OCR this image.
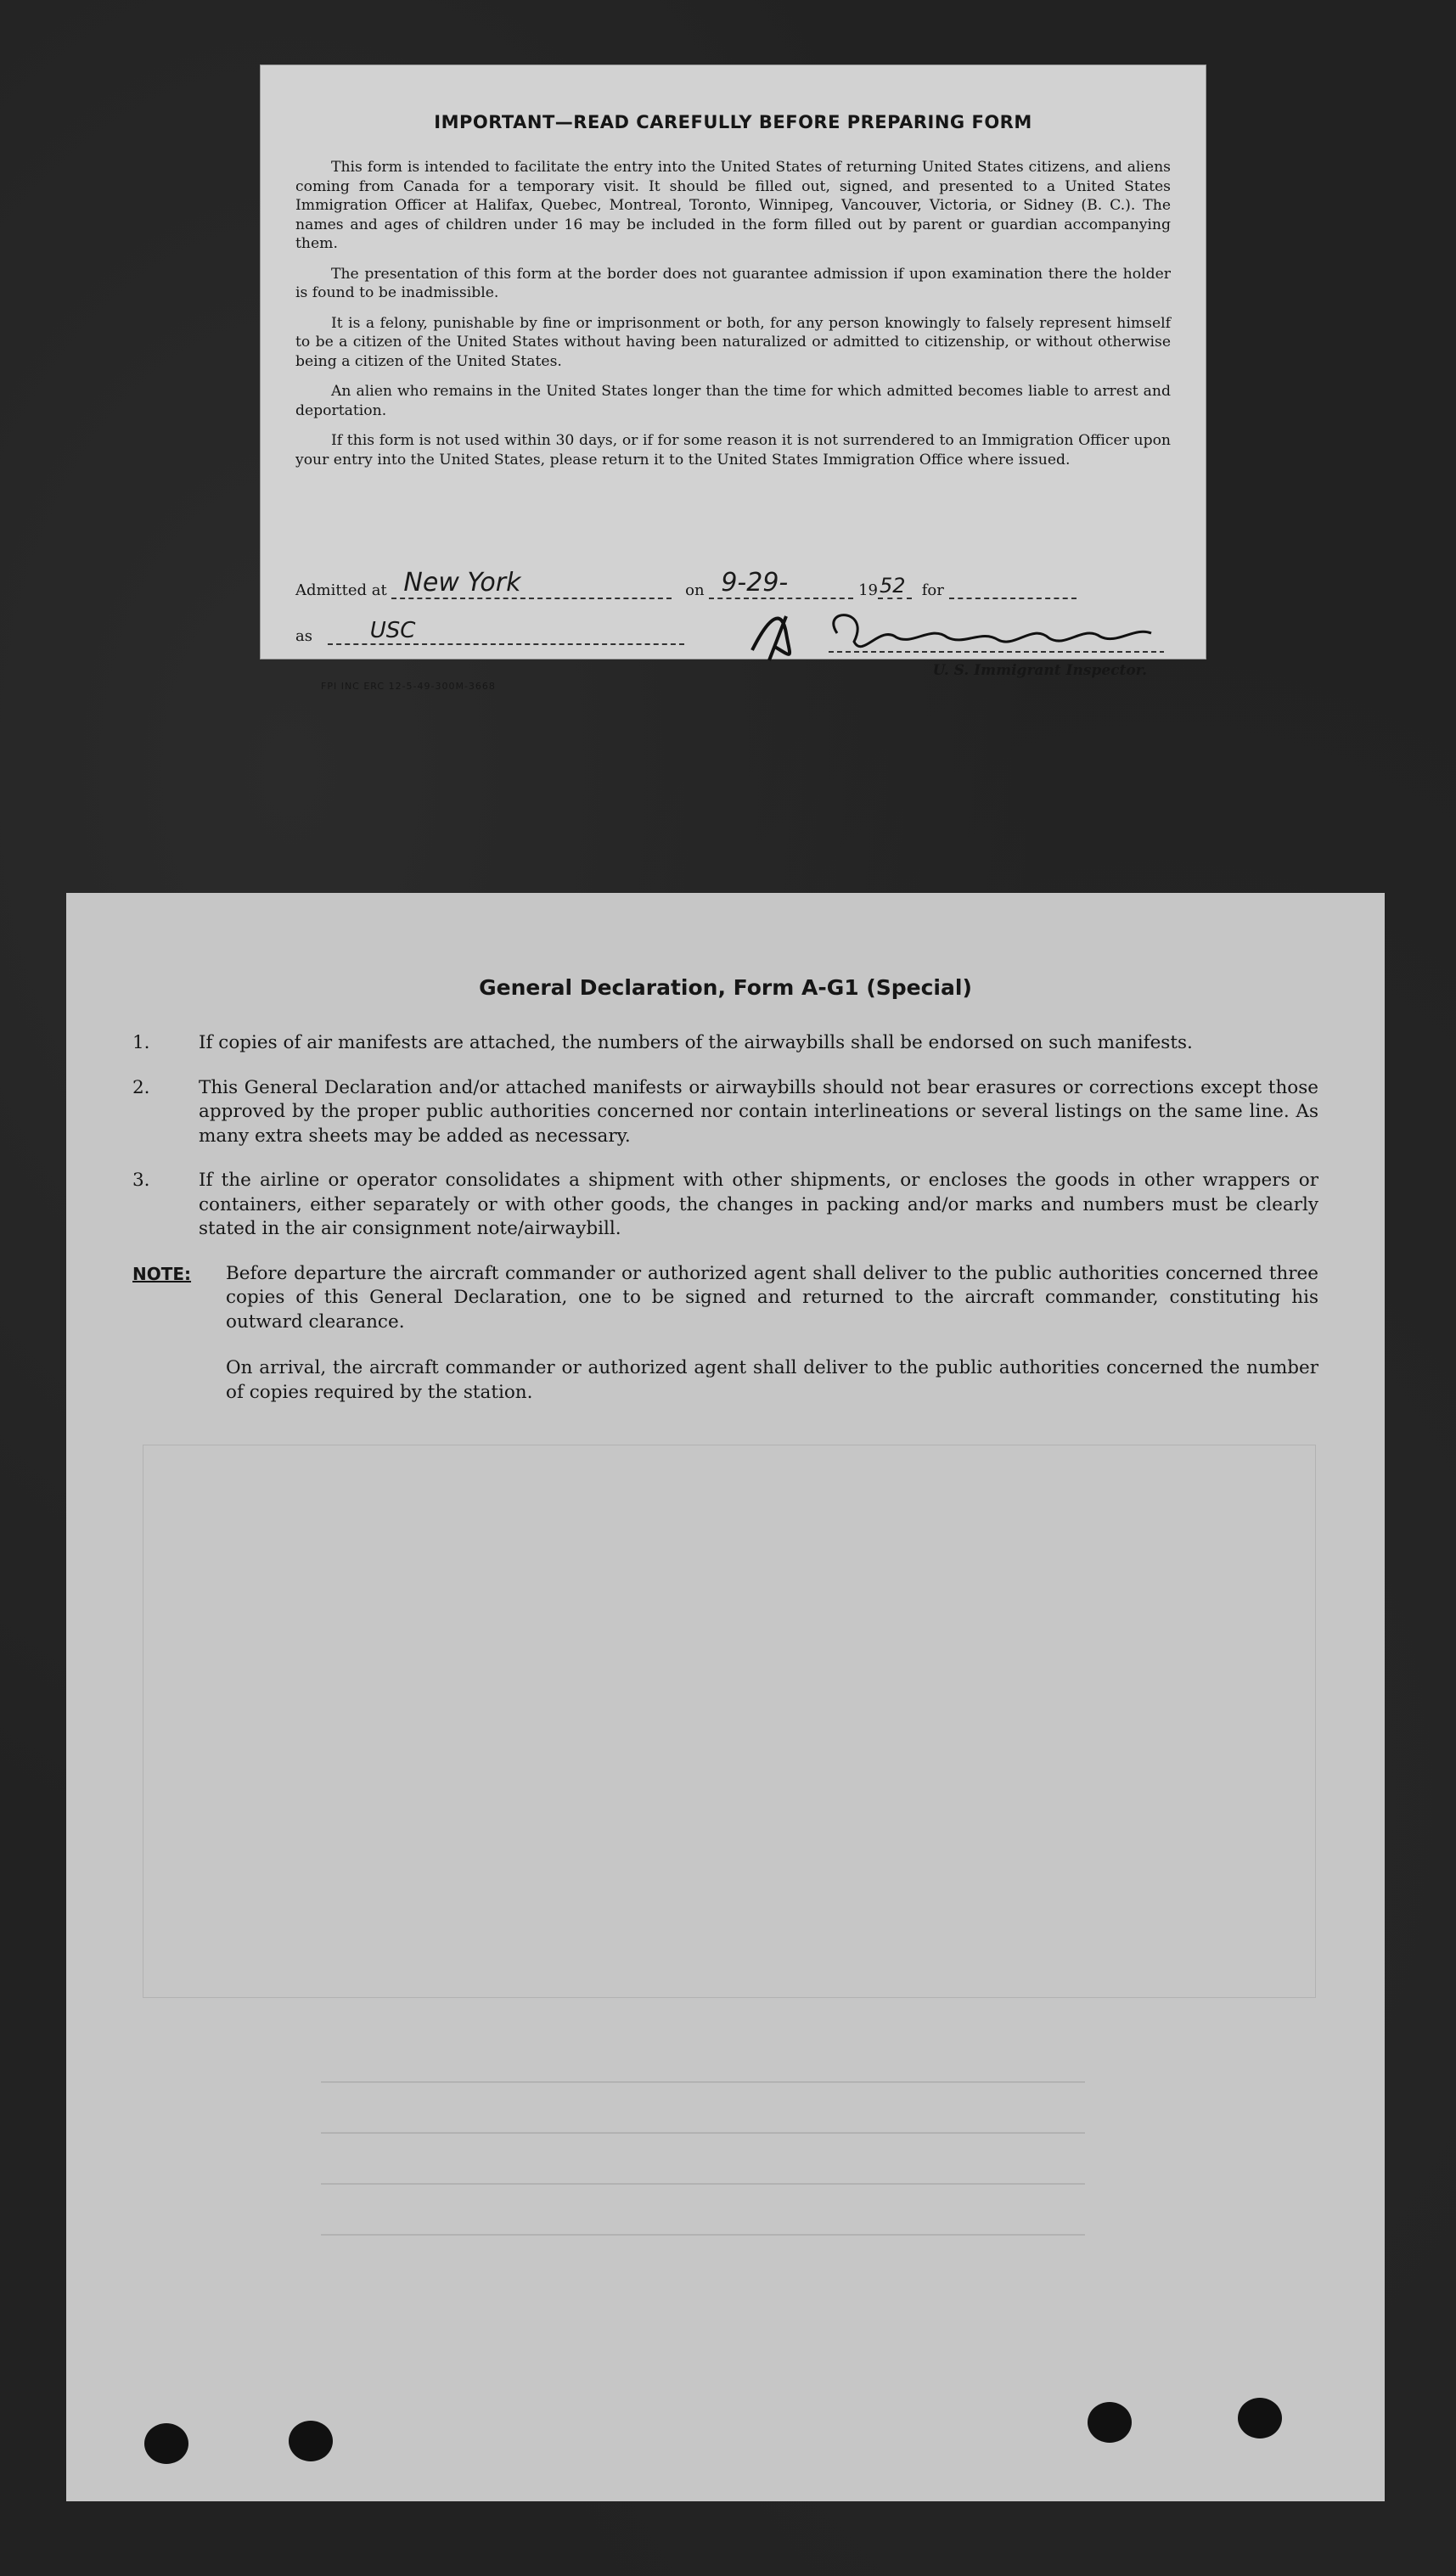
IMPORTANT—READ CAREFULLY BEFORE PREPARING FORM

This form is intended to facilitate the entry into the United States of returning United States citizens, and aliens coming from Canada for a temporary visit. It should be filled out, signed, and presented to a United States Immigration Officer at Halifax, Quebec, Montreal, Toronto, Winnipeg, Vancouver, Victoria, or Sidney (B. C.). The names and ages of children under 16 may be included in the form filled out by parent or guardian accompanying them.

The presentation of this form at the border does not guarantee admission if upon examination there the holder is found to be inadmissible.

It is a felony, punishable by fine or imprisonment or both, for any person knowingly to falsely represent himself to be a citizen of the United States without having been naturalized or admitted to citizenship, or without otherwise being a citizen of the United States.

An alien who remains in the United States longer than the time for which admitted becomes liable to arrest and deportation.

If this form is not used within 30 days, or if for some reason it is not surrendered to an Immigration Officer upon your entry into the United States, please return it to the United States Immigration Office where issued.

Admitted at New York	on 9-29-	19 52 for
as	USC
U. S. Immigrant Inspector.
FPI INC ERC 12-5-49-300M-3668
General Declaration, Form A-G1 (Special)
1.	If copies of air manifests are attached, the numbers of the airwaybills shall be endorsed on such manifests.
2.	This General Declaration and/or attached manifests or airwaybills should not bear erasures or corrections except those approved by the proper public authorities concerned nor contain interlineations or several listings on the same line. As many extra sheets may be added as necessary.
3.	If the airline or operator consolidates a shipment with other shipments, or encloses the goods in other wrappers or containers, either separately or with other goods, the changes in packing and/or marks and numbers must be clearly stated in the air consignment note/airwaybill.
NOTE: Before departure the aircraft commander or authorized agent shall deliver to the public authorities concerned three copies of this General Declaration, one to be signed and returned to the aircraft commander, constituting his outward clearance.
On arrival, the aircraft commander or authorized agent shall deliver to the public authorities concerned the number of copies required by the station.
